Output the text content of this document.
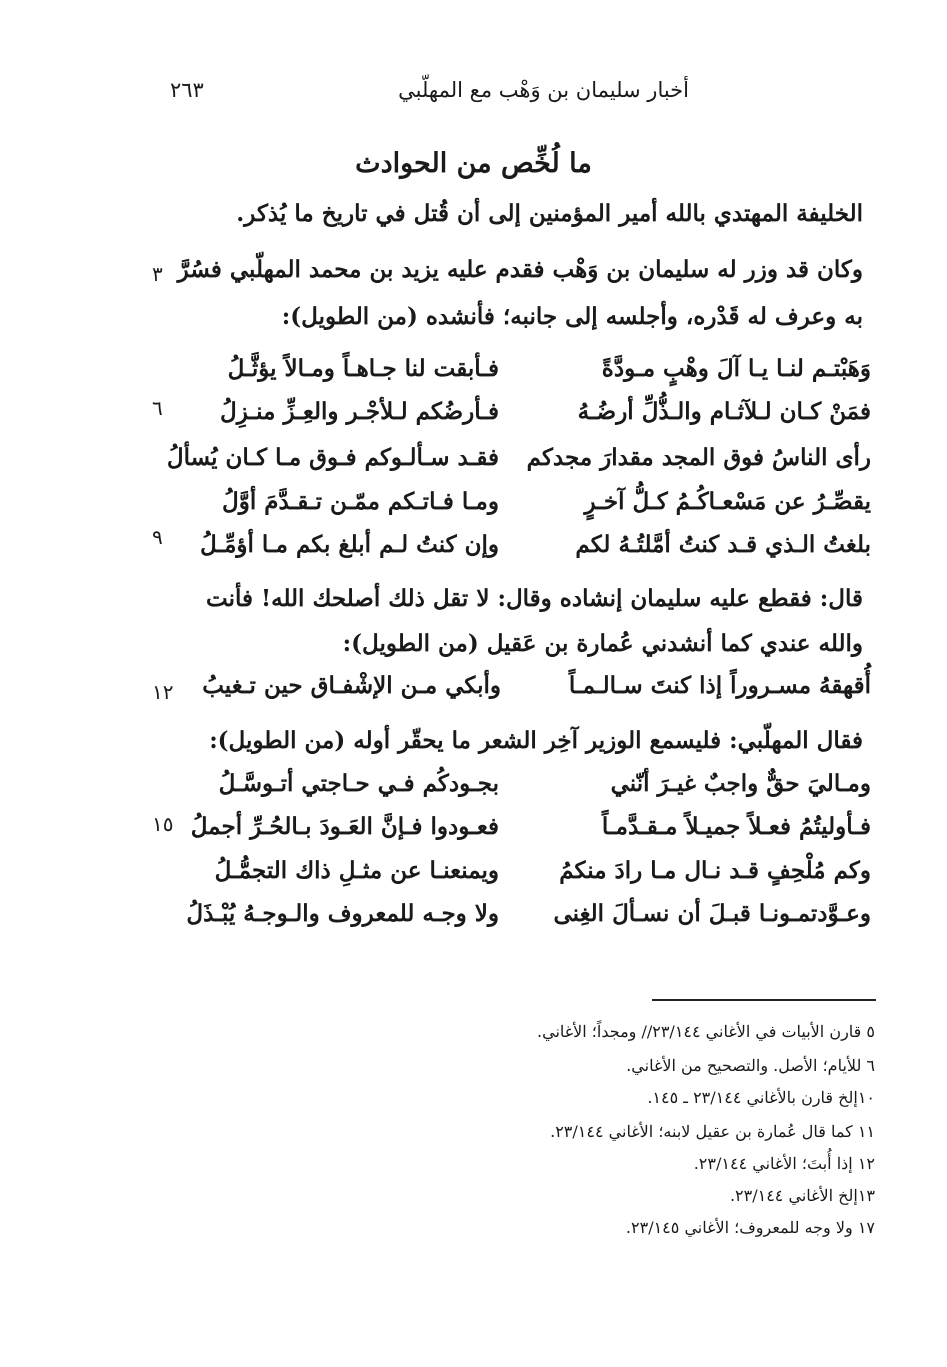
٢٦٣	أخبار سليمان بن وَهْب مع المهلّبي
ما لُخِّص من الحوادث
الخليفة المهتدي بالله أمير المؤمنين إلى أن قُتل في تاريخ ما يُذكر.
وكان قد وزر له سليمان بن وَهْب فقدم عليه يزيد بن محمد المهلّبي فسُرَّ
به وعرف له قَدْره، وأجلسه إلى جانبه؛ فأنشده (من الطويل):
٣
وَهَبْتـم لنـا يـا آلَ وهْبٍ مـودَّةً
فـأبقت لنا جـاهـاً ومـالاً يؤثَّـلُ
فمَنْ كـان لـلآثـام والـذُّلِّ أرضُـهُ
فـأرضُكم لـلأجْـر والعِـزِّ منـزِلُ
٦
رأى الناسُ فوق المجد مقدارَ مجدكم
فقـد سـألـوكم فـوق مـا كـان يُسألُ
يقصِّـرُ عن مَسْعـاكُـمُ كـلُّ آخـرٍ
ومـا فـاتـكم ممّـن تـقـدَّمَ أوَّلُ
بلغتُ الـذي قـد كنتُ أمَّلتُـهُ لكم
وإن كنتُ لـم أبلغ بكم مـا أؤمِّـلُ
٩
قال: فقطع عليه سليمان إنشاده وقال: لا تقل ذلك أصلحك الله! فأنت
والله عندي كما أنشدني عُمارة بن عَقيل (من الطويل):
أُقهقهُ مسـروراً إذا كنتَ سـالـمـاً
وأبكي مـن الإشْفـاق حين تـغيبُ
١٢
فقال المهلّبي: فليسمع الوزير آخِر الشعر ما يحقّر أوله (من الطويل):
ومـاليَ حقٌّ واجبٌ غيـرَ أنّني
بجـودكُم فـي حـاجتي أتـوسَّـلُ
فـأوليتُمُ فعـلاً جميـلاً مـقـدَّمـاً
فعـودوا فـإنَّ العَـودَ بـالحُـرِّ أجملُ
١٥
وكم مُلْحِفٍ قـد نـال مـا رادَ منكمُ
ويمنعنـا عن مثـلِ ذاك التجمُّـلُ
وعـوَّدتمـونـا قبـلَ أن نسـألَ الغِنى
ولا وجـه للمعروف والـوجـهُ يُبْـذَلُ
٥ قارن الأبيات في الأغاني ٢٣/١٤٤// ومجداً؛ الأغاني.
٦ للأيام؛ الأصل. والتصحيح من الأغاني.
١٠إلخ قارن بالأغاني ٢٣/١٤٤ ـ ١٤٥.
١١ كما قال عُمارة بن عقيل لابنه؛ الأغاني ٢٣/١٤٤.
١٢ إذا أُبتَ؛ الأغاني ٢٣/١٤٤.
١٣إلخ الأغاني ٢٣/١٤٤.
١٧ ولا وجه للمعروف؛ الأغاني ٢٣/١٤٥.
